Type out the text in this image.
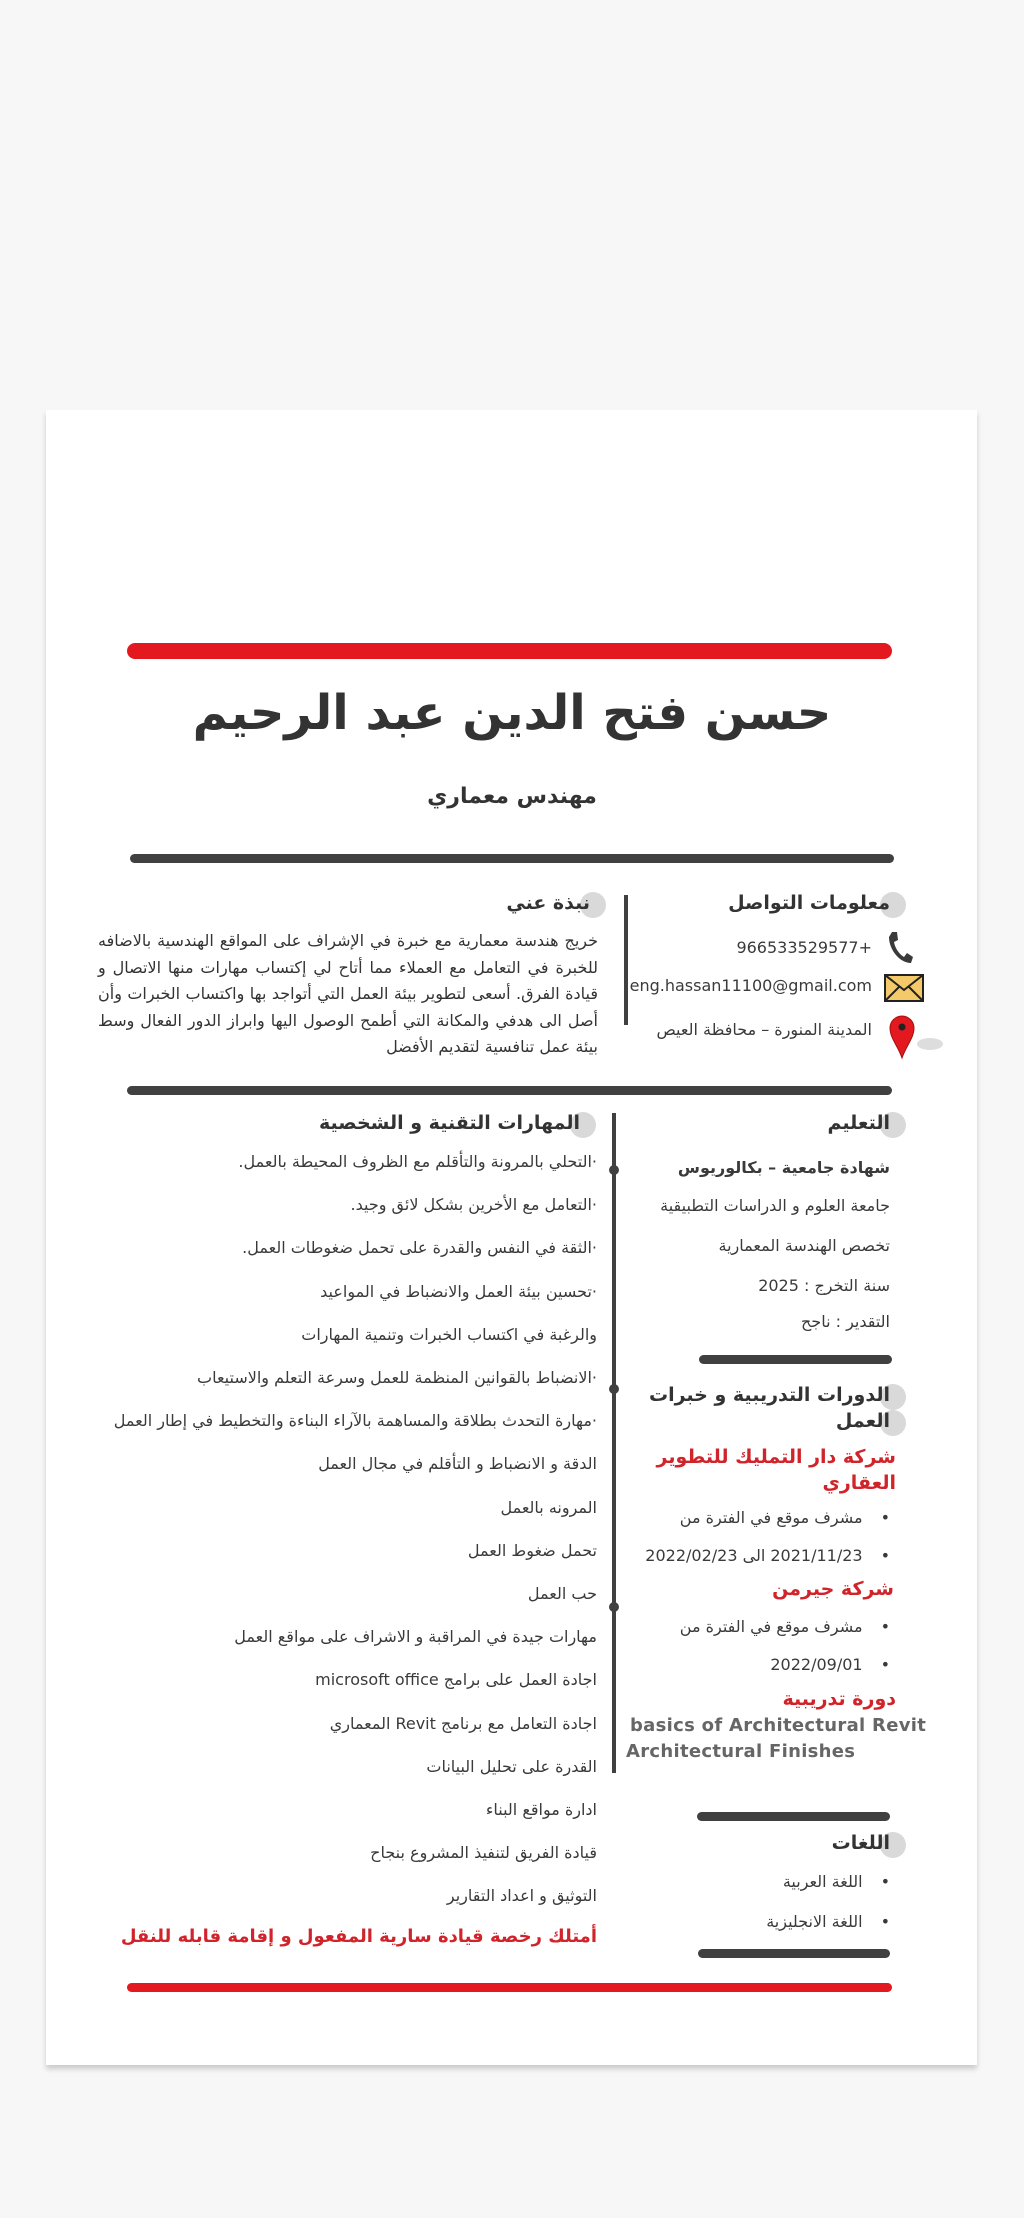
حسن فتح الدين عبد الرحيم
مهندس معماري
معلومات التواصل
+966533529577
eng.hassan11100@gmail.com
المدينة المنورة – محافظة العيص
نبذة عني
خريج هندسة معمارية مع خبرة في الإشراف على المواقع الهندسية بالاضافه للخبرة في التعامل مع العملاء مما أتاح لي إكتساب مهارات منها الاتصال و قيادة الفرق. أسعى لتطوير بيئة العمل التي أتواجد بها واكتساب الخبرات وأن أصل الى هدفي والمكانة التي أطمح الوصول اليها وابراز الدور الفعال وسط بيئة عمل تنافسية لتقديم الأفضل
التعليم
شهادة جامعية – بكالوريوس
جامعة العلوم و الدراسات التطبيقية
تخصص الهندسة المعمارية
سنة التخرج : 2025
التقدير : ناجح
الدورات التدريبية و خبرات
العمل
شركة دار التمليك للتطوير
العقاري
• مشرف موقع في الفترة من
• 2021/11/23 الى 2022/02/23
شركة جيرمن
• مشرف موقع في الفترة من
• 2022/09/01
دورة تدريبية
basics of Architectural Revit
Architectural Finishes
اللغات
• اللغة العربية
• اللغة الانجليزية
المهارات التقنية و الشخصية
·التحلي بالمرونة والتأقلم مع الظروف المحيطة بالعمل.
·التعامل مع الأخرين بشكل لائق وجيد.
·الثقة في النفس والقدرة على تحمل ضغوطات العمل.
·تحسين بيئة العمل والانضباط في المواعيد
والرغبة في اكتساب الخبرات وتنمية المهارات
·الانضباط بالقوانين المنظمة للعمل وسرعة التعلم والاستيعاب
·مهارة التحدث بطلاقة والمساهمة بالآراء البناءة والتخطيط في إطار العمل
الدقة و الانضباط و التأقلم في مجال العمل
المرونه بالعمل
تحمل ضغوط العمل
حب العمل
مهارات جيدة في المراقبة و الاشراف على مواقع العمل
اجادة العمل على برامج microsoft office
اجادة التعامل مع برنامج Revit المعماري
القدرة على تحليل البيانات
ادارة مواقع البناء
قيادة الفريق لتنفيذ المشروع بنجاح
التوثيق و اعداد التقارير
أمتلك رخصة قيادة سارية المفعول و إقامة قابله للنقل
